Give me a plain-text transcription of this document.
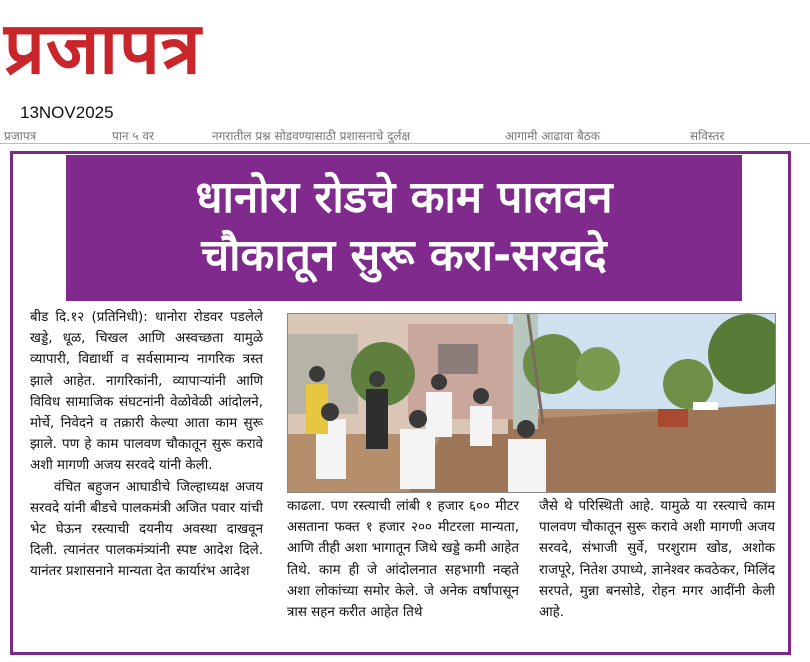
प्रजापत्र
13NOV2025
प्रजापत्र	पान ५ वर	नगरातील प्रश्न सोडवण्यासाठी प्रशासनाचे दुर्लक्ष	आगामी आढावा बैठक	सविस्तर
धानोरा रोडचे काम पालवन
चौकातून सुरू करा-सरवदे

बीड दि.१२ (प्रतिनिधी): धानोरा रोडवर पडलेले खड्डे, धूळ, चिखल आणि अस्वच्छता यामुळे व्यापारी, विद्यार्थी व सर्वसामान्य नागरिक त्रस्त झाले आहेत. नागरिकांनी, व्यापाऱ्यांनी आणि विविध सामाजिक संघटनांनी वेळोवेळी आंदोलने, मोर्चे, निवेदने व तक्रारी केल्या आता काम सुरू झाले. पण हे काम पालवण चौकातून सुरू करावे अशी मागणी अजय सरवदे यांनी केली.

वंचित बहुजन आघाडीचे जिल्हाध्यक्ष अजय सरवदे यांनी बीडचे पालकमंत्री अजित पवार यांची भेट घेऊन रस्त्याची दयनीय अवस्था दाखवून दिली. त्यानंतर पालकमंत्र्यांनी स्पष्ट आदेश दिले. यानंतर प्रशासनाने मान्यता देत कार्यारंभ आदेश

काढला. पण रस्त्याची लांबी १ हजार ६०० मीटर असताना फक्त १ हजार २०० मीटरला मान्यता, आणि तीही अशा भागातून जिथे खड्डे कमी आहेत तिथे. काम ही जे आंदोलनात सहभागी नव्हते अशा लोकांच्या समोर केले. जे अनेक वर्षांपासून त्रास सहन करीत आहेत तिथे

जैसे थे परिस्थिती आहे. यामुळे या रस्त्याचे काम पालवण चौकातून सुरू करावे अशी मागणी अजय सरवदे, संभाजी सुर्वे, परशुराम खोड, अशोक राजपूरे, नितेश उपाध्ये, ज्ञानेश्वर कवठेकर, मिलिंद सरपते, मुन्ना बनसोडे, रोहन मगर आदींनी केली आहे.
